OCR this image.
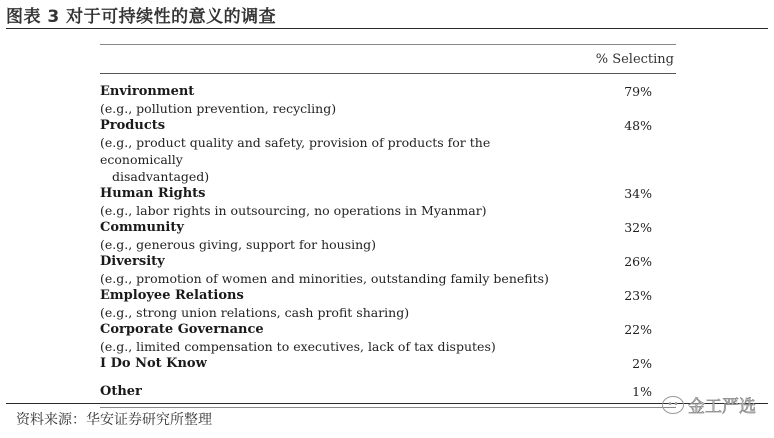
图表 3 对于可持续性的意义的调查
% Selecting
Environment
(e.g., pollution prevention, recycling)
79%
Products
(e.g., product quality and safety, provision of products for the economically
disadvantaged)
48%
Human Rights
(e.g., labor rights in outsourcing, no operations in Myanmar)
34%
Community
(e.g., generous giving, support for housing)
32%
Diversity
(e.g., promotion of women and minorities, outstanding family benefits)
26%
Employee Relations
(e.g., strong union relations, cash profit sharing)
23%
Corporate Governance
(e.g., limited compensation to executives, lack of tax disputes)
22%
I Do Not Know	2%
Other	1%
资料来源：华安证券研究所整理
•• 金工严选
